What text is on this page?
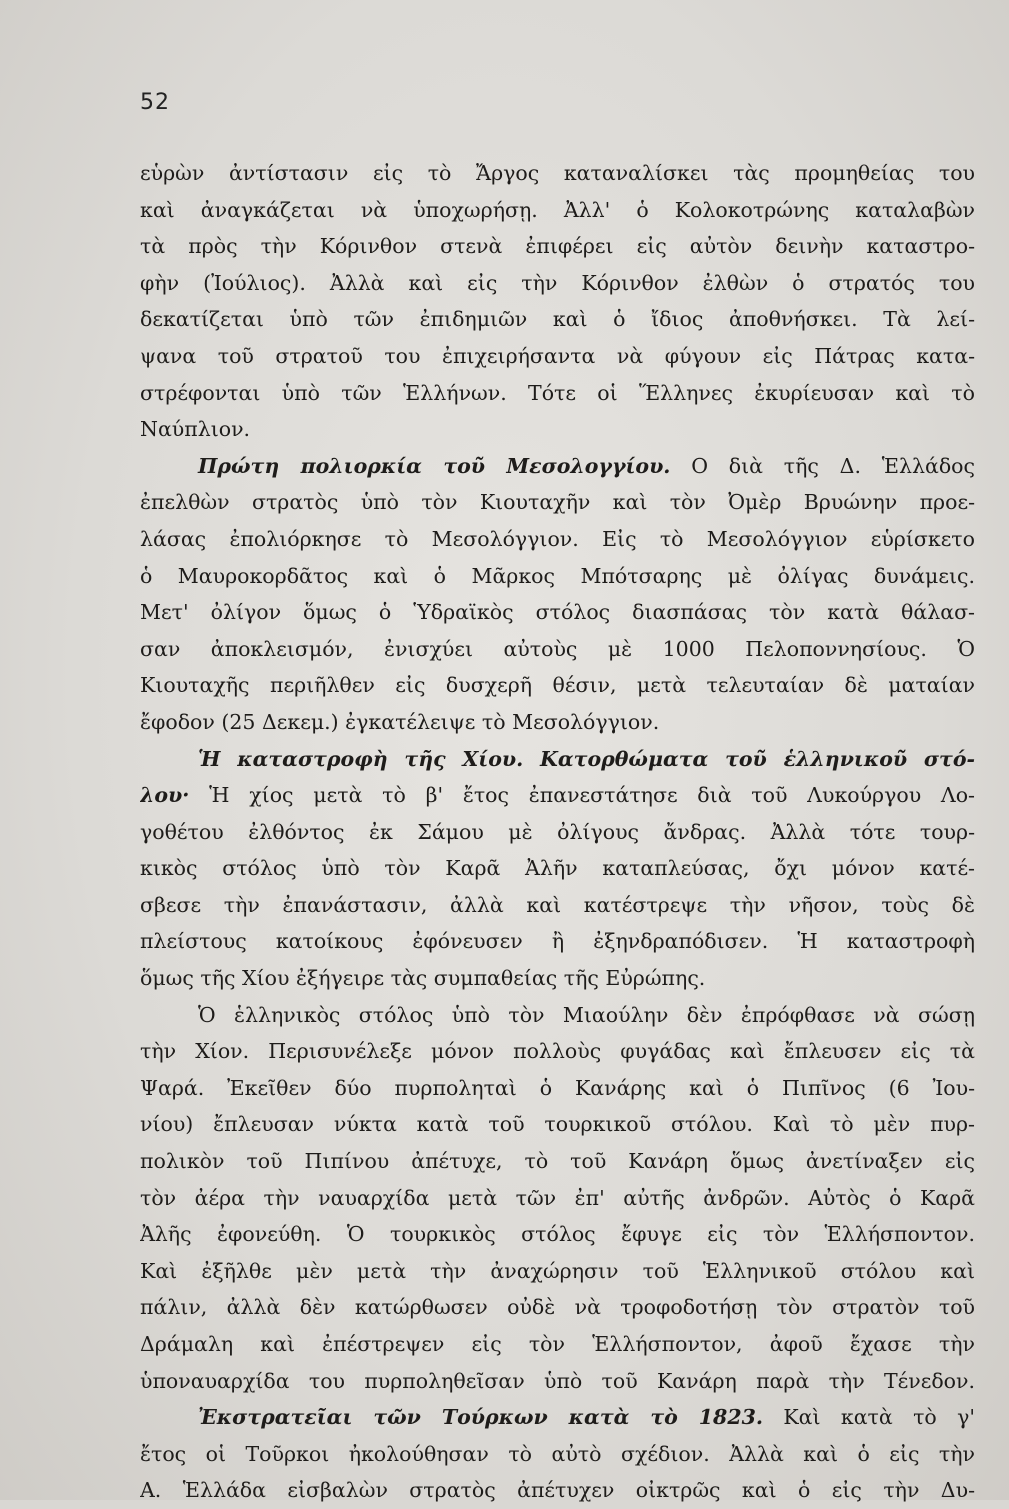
52
εὑρὼν ἀντίστασιν εἰς τὸ Ἄργος καταναλίσκει τὰς προμηθείας του
καὶ ἀναγκάζεται νὰ ὑποχωρήσῃ. Ἀλλ' ὁ Κολοκοτρώνης καταλαβὼν
τὰ πρὸς τὴν Κόρινθον στενὰ ἐπιφέρει εἰς αὐτὸν δεινὴν καταστρο-
φὴν (Ἰούλιος). Ἀλλὰ καὶ εἰς τὴν Κόρινθον ἐλθὼν ὁ στρατός του
δεκατίζεται ὑπὸ τῶν ἐπιδημιῶν καὶ ὁ ἴδιος ἀποθνήσκει. Τὰ λεί-
ψανα τοῦ στρατοῦ του ἐπιχειρήσαντα νὰ φύγουν εἰς Πάτρας κατα-
στρέφονται ὑπὸ τῶν Ἑλλήνων. Τότε οἱ Ἕλληνες ἐκυρίευσαν καὶ τὸ
Ναύπλιον.
Πρώτη πολιορκία τοῦ Μεσολογγίου. Ο διὰ τῆς Δ. Ἑλλάδος
ἐπελθὼν στρατὸς ὑπὸ τὸν Κιουταχῆν καὶ τὸν Ὀμὲρ Βρυώνην προε-
λάσας ἐπολιόρκησε τὸ Μεσολόγγιον. Εἰς τὸ Μεσολόγγιον εὑρίσκετο
ὁ Μαυροκορδᾶτος καὶ ὁ Μᾶρκος Μπότσαρης μὲ ὀλίγας δυνάμεις.
Μετ' ὀλίγον ὅμως ὁ Ὑδραϊκὸς στόλος διασπάσας τὸν κατὰ θάλασ-
σαν ἀποκλεισμόν, ἐνισχύει αὐτοὺς μὲ 1000 Πελοποννησίους. Ὁ
Κιουταχῆς περιῆλθεν εἰς δυσχερῆ θέσιν, μετὰ τελευταίαν δὲ ματαίαν
ἔφοδον (25 Δεκεμ.) ἐγκατέλειψε τὸ Μεσολόγγιον.
Ἡ καταστροφὴ τῆς Χίου. Κατορθώματα τοῦ ἑλληνικοῦ στό-
λου· Ἡ χίος μετὰ τὸ β' ἔτος ἐπανεστάτησε διὰ τοῦ Λυκούργου Λο-
γοθέτου ἐλθόντος ἐκ Σάμου μὲ ὀλίγους ἄνδρας. Ἀλλὰ τότε τουρ-
κικὸς στόλος ὑπὸ τὸν Καρᾶ Ἀλῆν καταπλεύσας, ὄχι μόνον κατέ-
σβεσε τὴν ἐπανάστασιν, ἀλλὰ καὶ κατέστρεψε τὴν νῆσον, τοὺς δὲ
πλείστους κατοίκους ἐφόνευσεν ἢ ἐξηνδραπόδισεν. Ἡ καταστροφὴ
ὅμως τῆς Χίου ἐξήγειρε τὰς συμπαθείας τῆς Εὐρώπης.
Ὁ ἑλληνικὸς στόλος ὑπὸ τὸν Μιαούλην δὲν ἐπρόφθασε νὰ σώσῃ
τὴν Χίον. Περισυνέλεξε μόνον πολλοὺς φυγάδας καὶ ἔπλευσεν εἰς τὰ
Ψαρά. Ἐκεῖθεν δύο πυρποληταὶ ὁ Κανάρης καὶ ὁ Πιπῖνος (6 Ἰου-
νίου) ἔπλευσαν νύκτα κατὰ τοῦ τουρκικοῦ στόλου. Καὶ τὸ μὲν πυρ-
πολικὸν τοῦ Πιπίνου ἀπέτυχε, τὸ τοῦ Κανάρη ὅμως ἀνετίναξεν εἰς
τὸν ἀέρα τὴν ναυαρχίδα μετὰ τῶν ἐπ' αὐτῆς ἀνδρῶν. Αὐτὸς ὁ Καρᾶ
Ἀλῆς ἐφονεύθη. Ὁ τουρκικὸς στόλος ἔφυγε εἰς τὸν Ἑλλήσποντον.
Καὶ ἐξῆλθε μὲν μετὰ τὴν ἀναχώρησιν τοῦ Ἑλληνικοῦ στόλου καὶ
πάλιν, ἀλλὰ δὲν κατώρθωσεν οὐδὲ νὰ τροφοδοτήσῃ τὸν στρατὸν τοῦ
Δράμαλη καὶ ἐπέστρεψεν εἰς τὸν Ἑλλήσποντον, ἀφοῦ ἔχασε τὴν
ὑποναυαρχίδα του πυρποληθεῖσαν ὑπὸ τοῦ Κανάρη παρὰ τὴν Τένεδον.
Ἐκστρατεῖαι τῶν Τούρκων κατὰ τὸ 1823. Καὶ κατὰ τὸ γ'
ἔτος οἱ Τοῦρκοι ἠκολούθησαν τὸ αὐτὸ σχέδιον. Ἀλλὰ καὶ ὁ εἰς τὴν
Α. Ἑλλάδα εἰσβαλὼν στρατὸς ἀπέτυχεν οἰκτρῶς καὶ ὁ εἰς τὴν Δυ-
